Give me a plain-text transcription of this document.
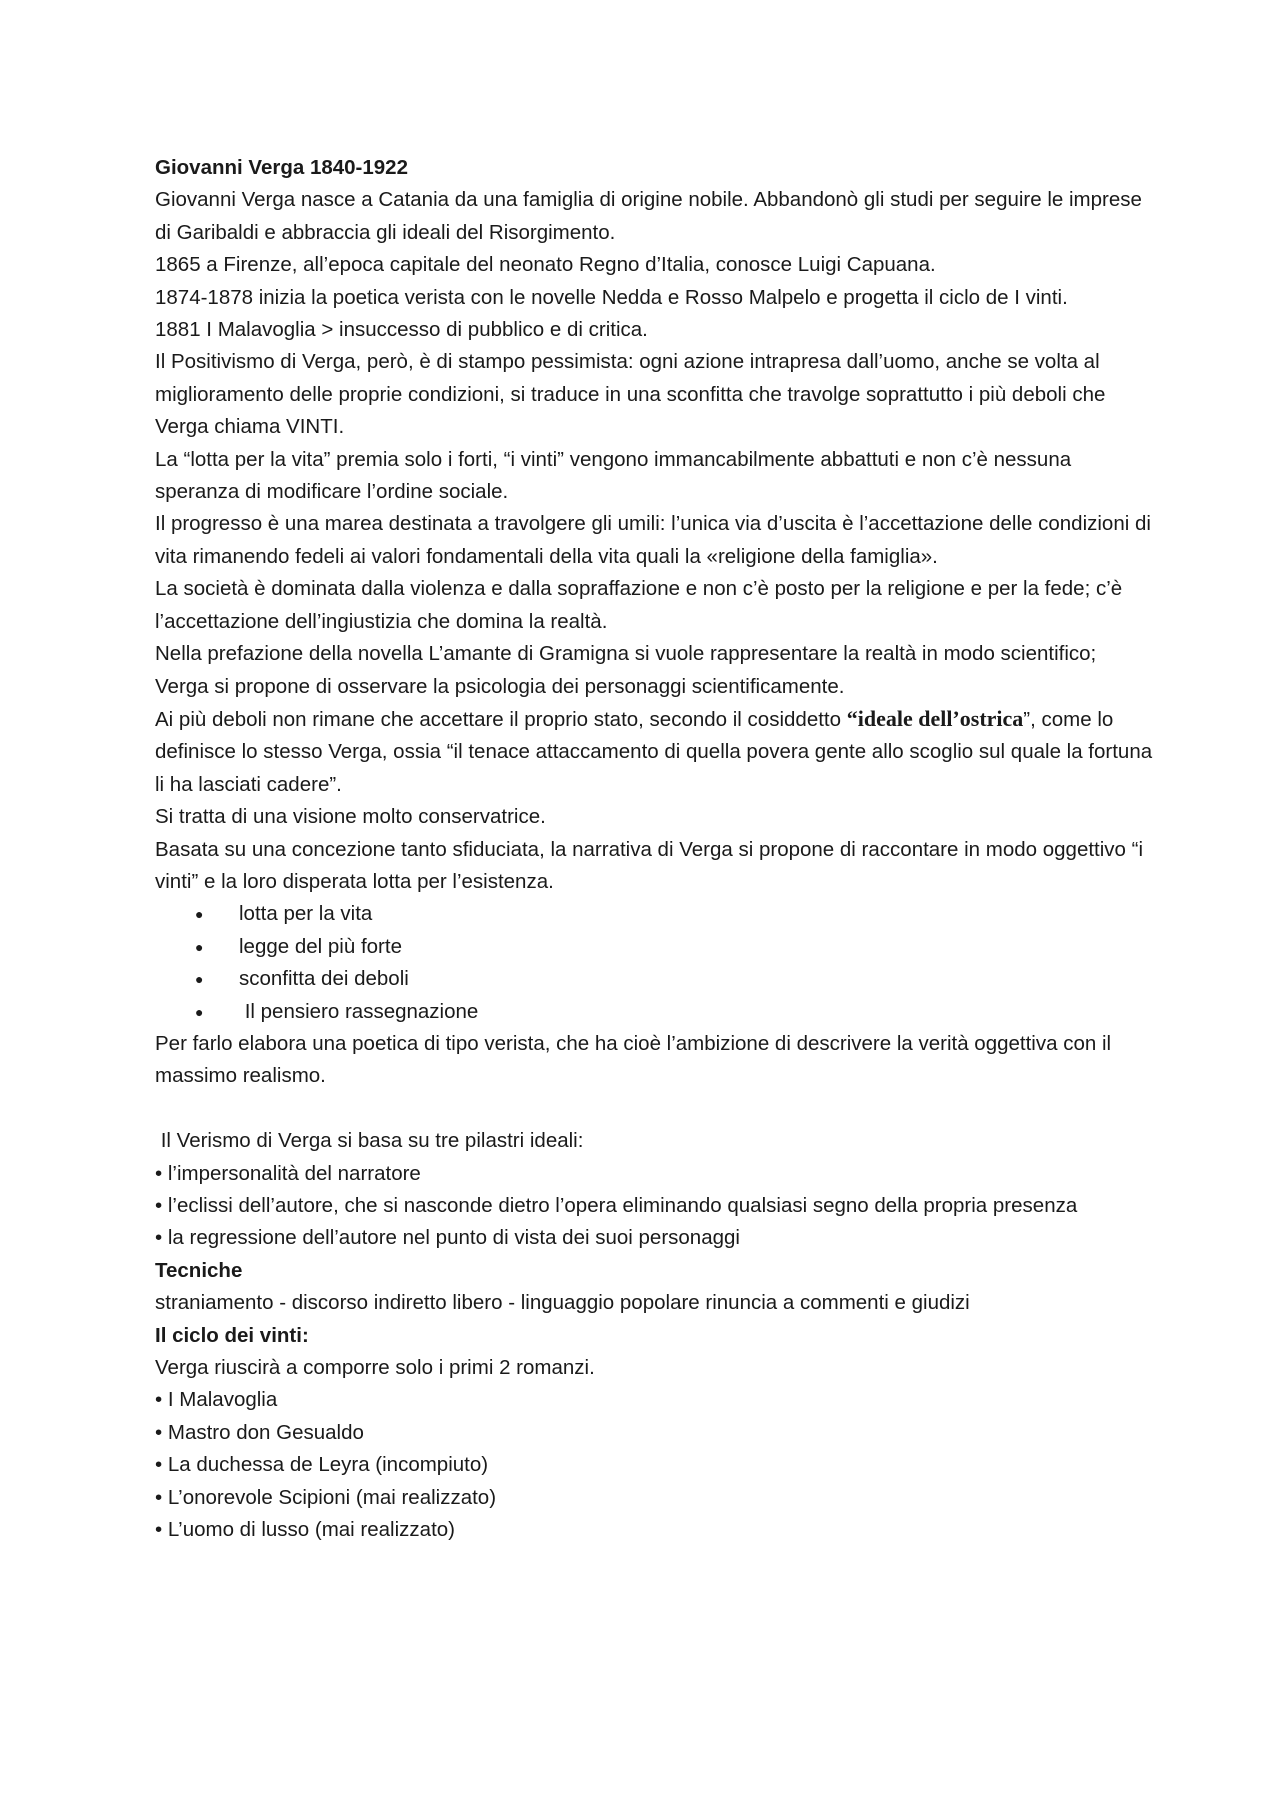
Giovanni Verga 1840-1922

Giovanni Verga nasce a Catania da una famiglia di origine nobile. Abbandonò gli studi per seguire le imprese di Garibaldi e abbraccia gli ideali del Risorgimento.

1865 a Firenze, all’epoca capitale del neonato Regno d’Italia, conosce Luigi Capuana.

1874-1878 inizia la poetica verista con le novelle Nedda e Rosso Malpelo e progetta il ciclo de I vinti.

1881 I Malavoglia > insuccesso di pubblico e di critica.

Il Positivismo di Verga, però, è di stampo pessimista: ogni azione intrapresa dall’uomo, anche se volta al miglioramento delle proprie condizioni, si traduce in una sconfitta che travolge soprattutto i più deboli che Verga chiama VINTI.

La “lotta per la vita” premia solo i forti, “i vinti” vengono immancabilmente abbattuti e non c’è nessuna speranza di modificare l’ordine sociale.

Il progresso è una marea destinata a travolgere gli umili: l’unica via d’uscita è l’accettazione delle condizioni di vita rimanendo fedeli ai valori fondamentali della vita quali la «religione della famiglia».

La società è dominata dalla violenza e dalla sopraffazione e non c’è posto per la religione e per la fede; c’è l’accettazione dell’ingiustizia che domina la realtà.

Nella prefazione della novella L’amante di Gramigna si vuole rappresentare la realtà in modo scientifico; Verga si propone di osservare la psicologia dei personaggi scientificamente.

Ai più deboli non rimane che accettare il proprio stato, secondo il cosiddetto “ideale dell’ostrica”, come lo definisce lo stesso Verga, ossia “il tenace attaccamento di quella povera gente allo scoglio sul quale la fortuna li ha lasciati cadere”.

Si tratta di una visione molto conservatrice.

Basata su una concezione tanto sfiduciata, la narrativa di Verga si propone di raccontare in modo oggettivo “i vinti” e la loro disperata lotta per l’esistenza.

● lotta per la vita
● legge del più forte
● sconfitta dei deboli
● Il pensiero rassegnazione

Per farlo elabora una poetica di tipo verista, che ha cioè l’ambizione di descrivere la verità oggettiva con il massimo realismo.

Il Verismo di Verga si basa su tre pilastri ideali:

• l’impersonalità del narratore

• l’eclissi dell’autore, che si nasconde dietro l’opera eliminando qualsiasi segno della propria presenza

• la regressione dell’autore nel punto di vista dei suoi personaggi

Tecniche

straniamento - discorso indiretto libero - linguaggio popolare rinuncia a commenti e giudizi

Il ciclo dei vinti:

Verga riuscirà a comporre solo i primi 2 romanzi.

• I Malavoglia

• Mastro don Gesualdo

• La duchessa de Leyra (incompiuto)

• L’onorevole Scipioni (mai realizzato)

• L’uomo di lusso (mai realizzato)
